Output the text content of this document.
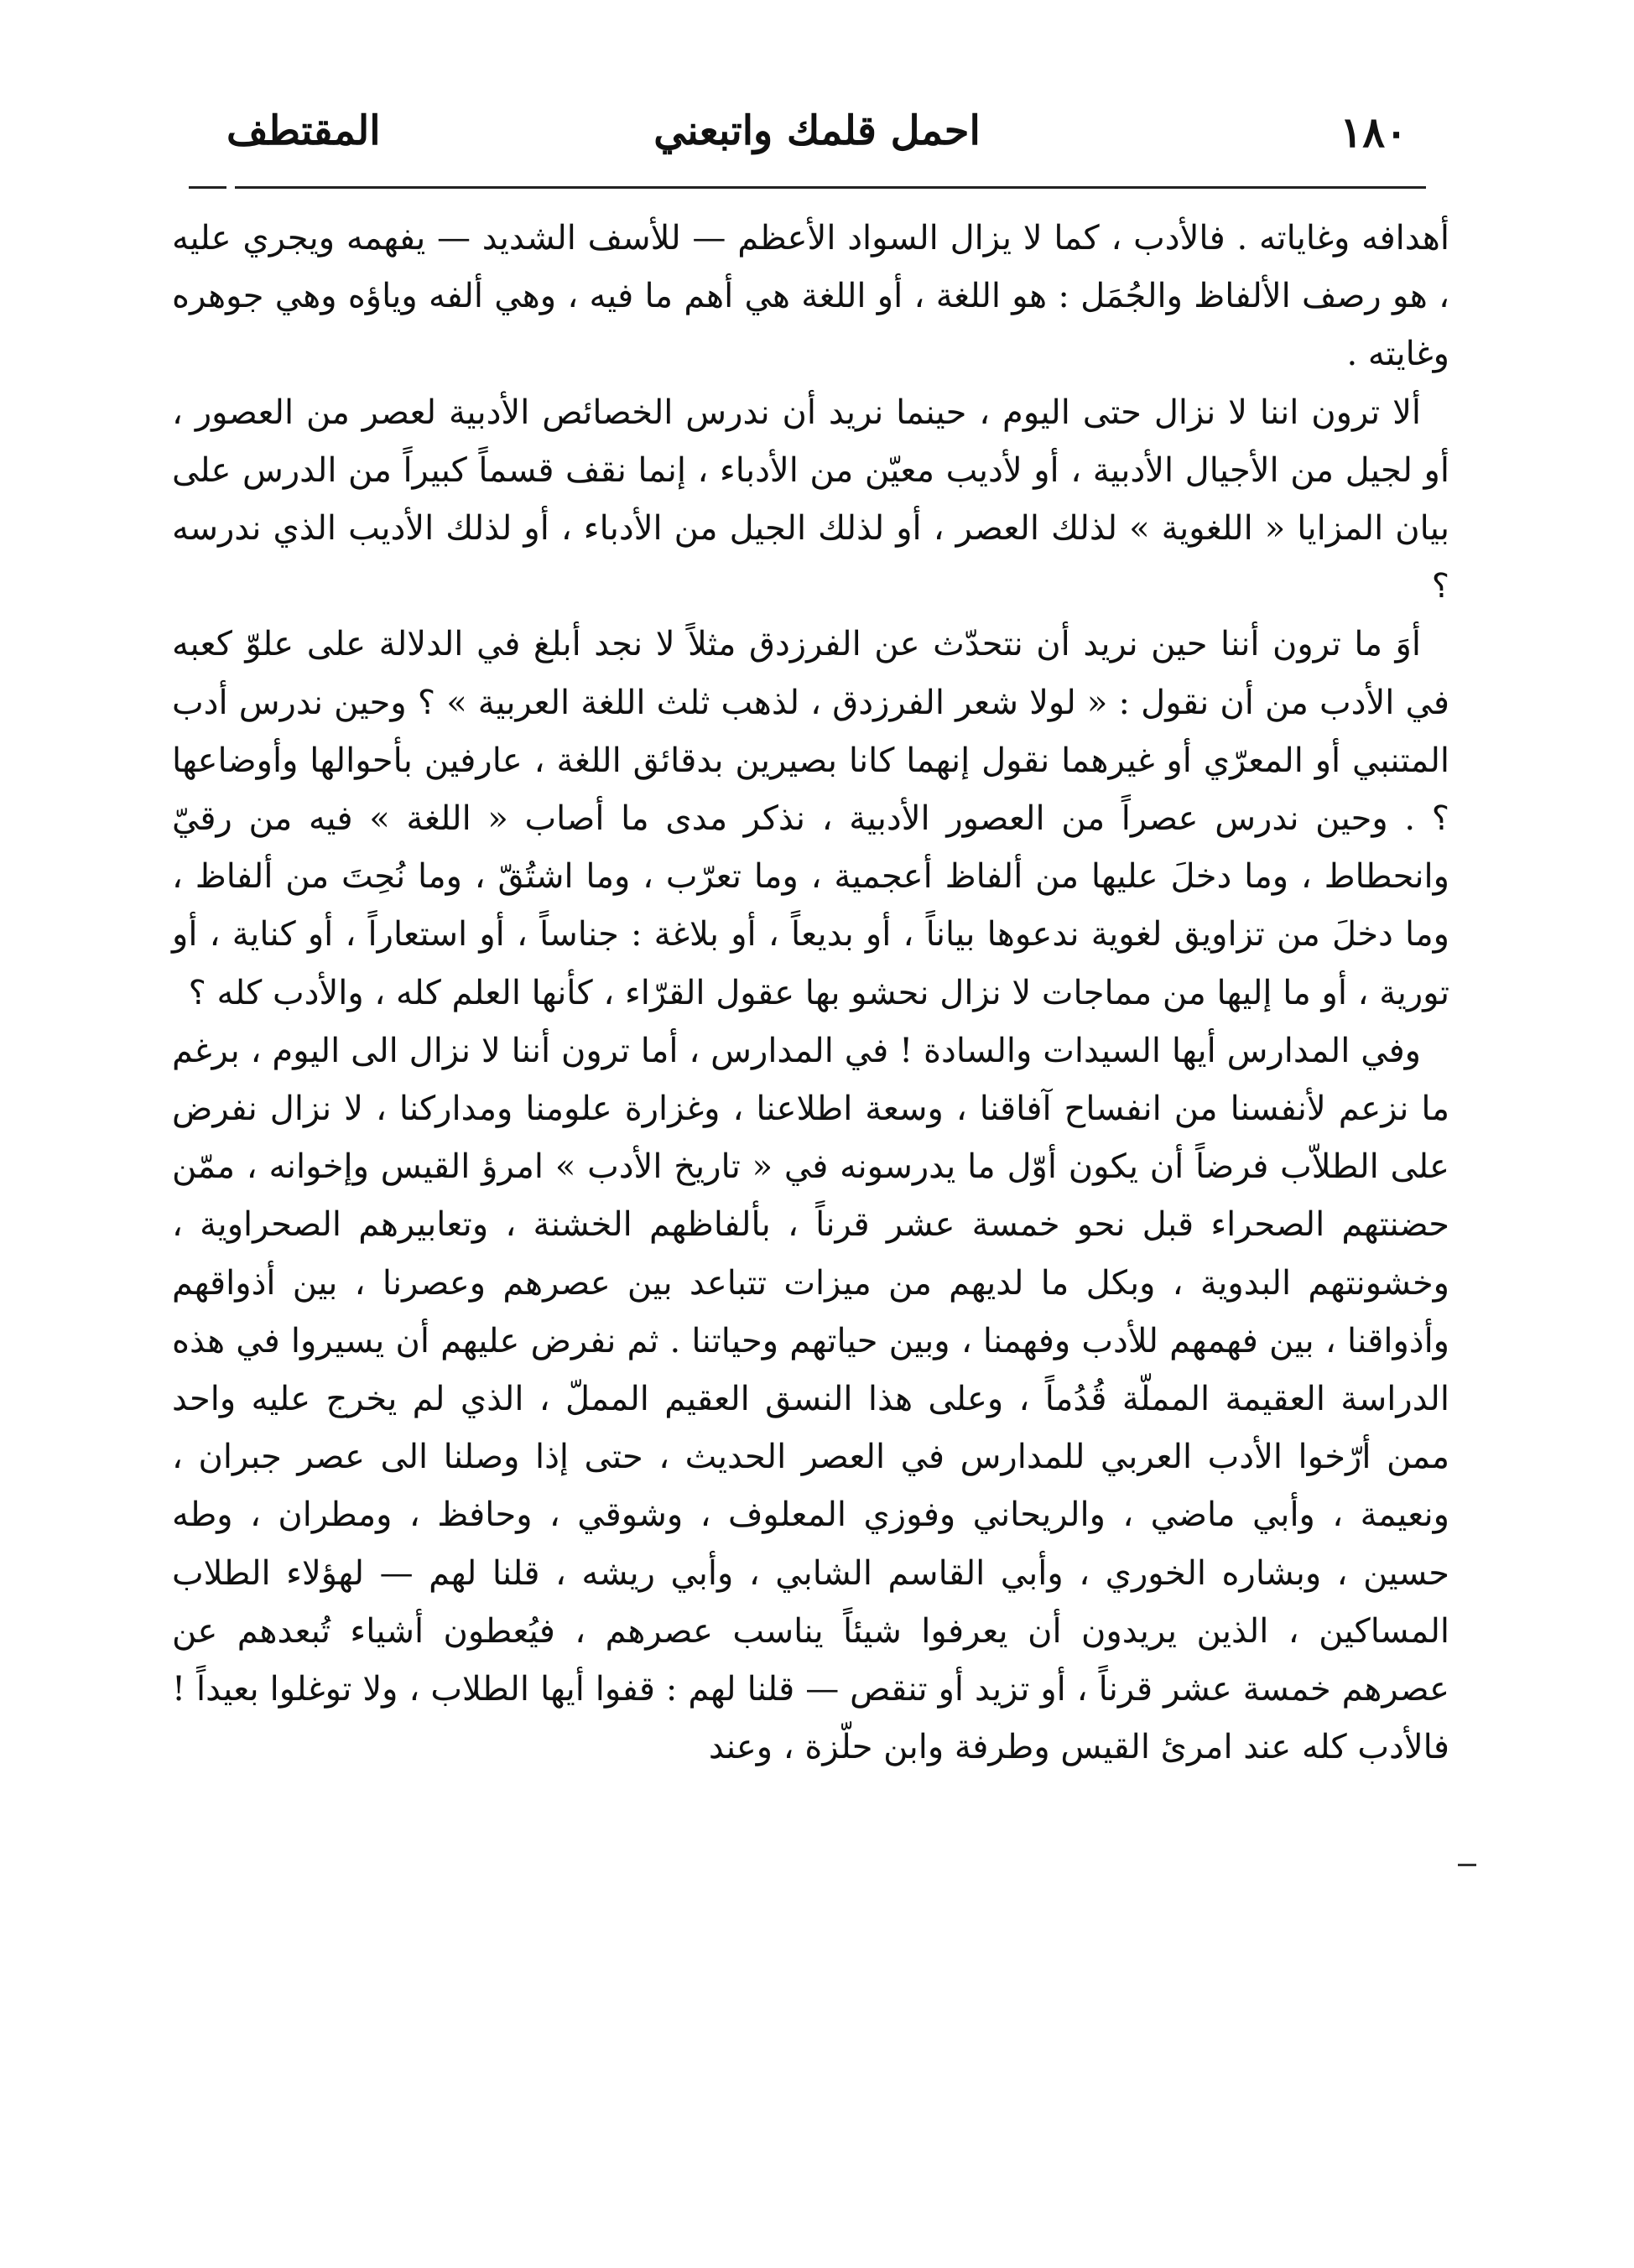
١٨٠
احمل قلمك واتبعني
المقتطف

أهدافه وغاياته . فالأدب ، كما لا يزال السواد الأعظم — للأسف الشديد — يفهمه ويجري عليه ، هو رصف الألفاظ والجُمَل : هو اللغة ، أو اللغة هي أهم ما فيه ، وهي ألفه وياؤه وهي جوهره وغايته .

ألا ترون اننا لا نزال حتى اليوم ، حينما نريد أن ندرس الخصائص الأدبية لعصر من العصور ، أو لجيل من الأجيال الأدبية ، أو لأديب معيّن من الأدباء ، إنما نقف قسماً كبيراً من الدرس على بيان المزايا « اللغوية » لذلك العصر ، أو لذلك الجيل من الأدباء ، أو لذلك الأديب الذي ندرسه ؟

أوَ ما ترون أننا حين نريد أن نتحدّث عن الفرزدق مثلاً لا نجد أبلغ في الدلالة على علوّ كعبه في الأدب من أن نقول : « لولا شعر الفرزدق ، لذهب ثلث اللغة العربية » ؟ وحين ندرس أدب المتنبي أو المعرّي أو غيرهما نقول إنهما كانا بصيرين بدقائق اللغة ، عارفين بأحوالها وأوضاعها ؟ . وحين ندرس عصراً من العصور الأدبية ، نذكر مدى ما أصاب « اللغة » فيه من رقيّ وانحطاط ، وما دخلَ عليها من ألفاظ أعجمية ، وما تعرّب ، وما اشتُقّ ، وما نُحِتَ من ألفاظ ، وما دخلَ من تزاويق لغوية ندعوها بياناً ، أو بديعاً ، أو بلاغة : جناساً ، أو استعاراً ، أو كناية ، أو تورية ، أو ما إليها من مماجات لا نزال نحشو بها عقول القرّاء ، كأنها العلم كله ، والأدب كله ؟

وفي المدارس أيها السيدات والسادة ! في المدارس ، أما ترون أننا لا نزال الى اليوم ، برغم ما نزعم لأنفسنا من انفساح آفاقنا ، وسعة اطلاعنا ، وغزارة علومنا ومداركنا ، لا نزال نفرض على الطلاّب فرضاً أن يكون أوّل ما يدرسونه في « تاريخ الأدب » امرؤ القيس وإخوانه ، ممّن حضنتهم الصحراء قبل نحو خمسة عشر قرناً ، بألفاظهم الخشنة ، وتعابيرهم الصحراوية ، وخشونتهم البدوية ، وبكل ما لديهم من ميزات تتباعد بين عصرهم وعصرنا ، بين أذواقهم وأذواقنا ، بين فهمهم للأدب وفهمنا ، وبين حياتهم وحياتنا . ثم نفرض عليهم أن يسيروا في هذه الدراسة العقيمة المملّة قُدُماً ، وعلى هذا النسق العقيم المملّ ، الذي لم يخرج عليه واحد ممن أرّخوا الأدب العربي للمدارس في العصر الحديث ، حتى إذا وصلنا الى عصر جبران ، ونعيمة ، وأبي ماضي ، والريحاني وفوزي المعلوف ، وشوقي ، وحافظ ، ومطران ، وطه حسين ، وبشاره الخوري ، وأبي القاسم الشابي ، وأبي ريشه ، قلنا لهم — لهؤلاء الطلاب المساكين ، الذين يريدون أن يعرفوا شيئاً يناسب عصرهم ، فيُعطون أشياء تُبعدهم عن عصرهم خمسة عشر قرناً ، أو تزيد أو تنقص — قلنا لهم : قفوا أيها الطلاب ، ولا توغلوا بعيداً ! فالأدب كله عند امرئ القيس وطرفة وابن حلّزة ، وعند
